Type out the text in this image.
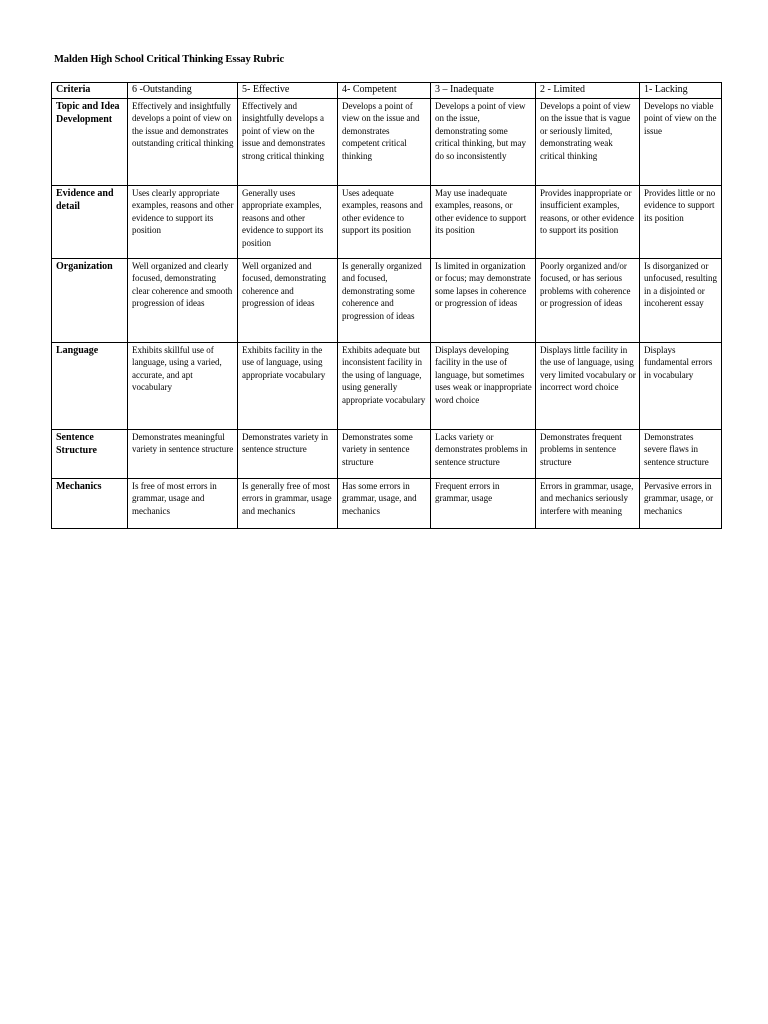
Malden High School Critical Thinking Essay Rubric
Criteria	6 -Outstanding	5- Effective	4- Competent	3 – Inadequate	2 - Limited	1- Lacking
Topic and Idea Development	Effectively and insightfully develops a point of view on the issue and demonstrates outstanding critical thinking	Effectively and insightfully develops a point of view on the issue and demonstrates strong critical thinking	Develops a point of view on the issue and demonstrates competent critical thinking	Develops a point of view on the issue, demonstrating some critical thinking, but may do so inconsistently	Develops a point of view on the issue that is vague or seriously limited, demonstrating weak critical thinking	Develops no viable point of view on the issue
Evidence and detail	Uses clearly appropriate examples, reasons and other evidence to support its position	Generally uses appropriate examples, reasons and other evidence to support its position	Uses adequate examples, reasons and other evidence to support its position	May use inadequate examples, reasons, or other evidence to support its position	Provides inappropriate or insufficient examples, reasons, or other evidence to support its position	Provides little or no evidence to support its position
Organization	Well organized and clearly focused, demonstrating clear coherence and smooth progression of ideas	Well organized and focused, demonstrating coherence and progression of ideas	Is generally organized and focused, demonstrating some coherence and progression of ideas	Is limited in organization or focus; may demonstrate some lapses in coherence or progression of ideas	Poorly organized and/or focused, or has serious problems with coherence or progression of ideas	Is disorganized or unfocused, resulting in a disjointed or incoherent essay
Language	Exhibits skillful use of language, using a varied, accurate, and apt vocabulary	Exhibits facility in the use of language, using appropriate vocabulary	Exhibits adequate but inconsistent facility in the using of language, using generally appropriate vocabulary	Displays developing facility in the use of language, but sometimes uses weak or inappropriate word choice	Displays little facility in the use of language, using very limited vocabulary or incorrect word choice	Displays fundamental errors in vocabulary
Sentence Structure	Demonstrates meaningful variety in sentence structure	Demonstrates variety in sentence structure	Demonstrates some variety in sentence structure	Lacks variety or demonstrates problems in sentence structure	Demonstrates frequent problems in sentence structure	Demonstrates severe flaws in sentence structure
Mechanics	Is free of most errors in grammar, usage and mechanics	Is generally free of most errors in grammar, usage and mechanics	Has some errors in grammar, usage, and mechanics	Frequent errors in grammar, usage	Errors in grammar, usage, and mechanics seriously interfere with meaning	Pervasive errors in grammar, usage, or mechanics
